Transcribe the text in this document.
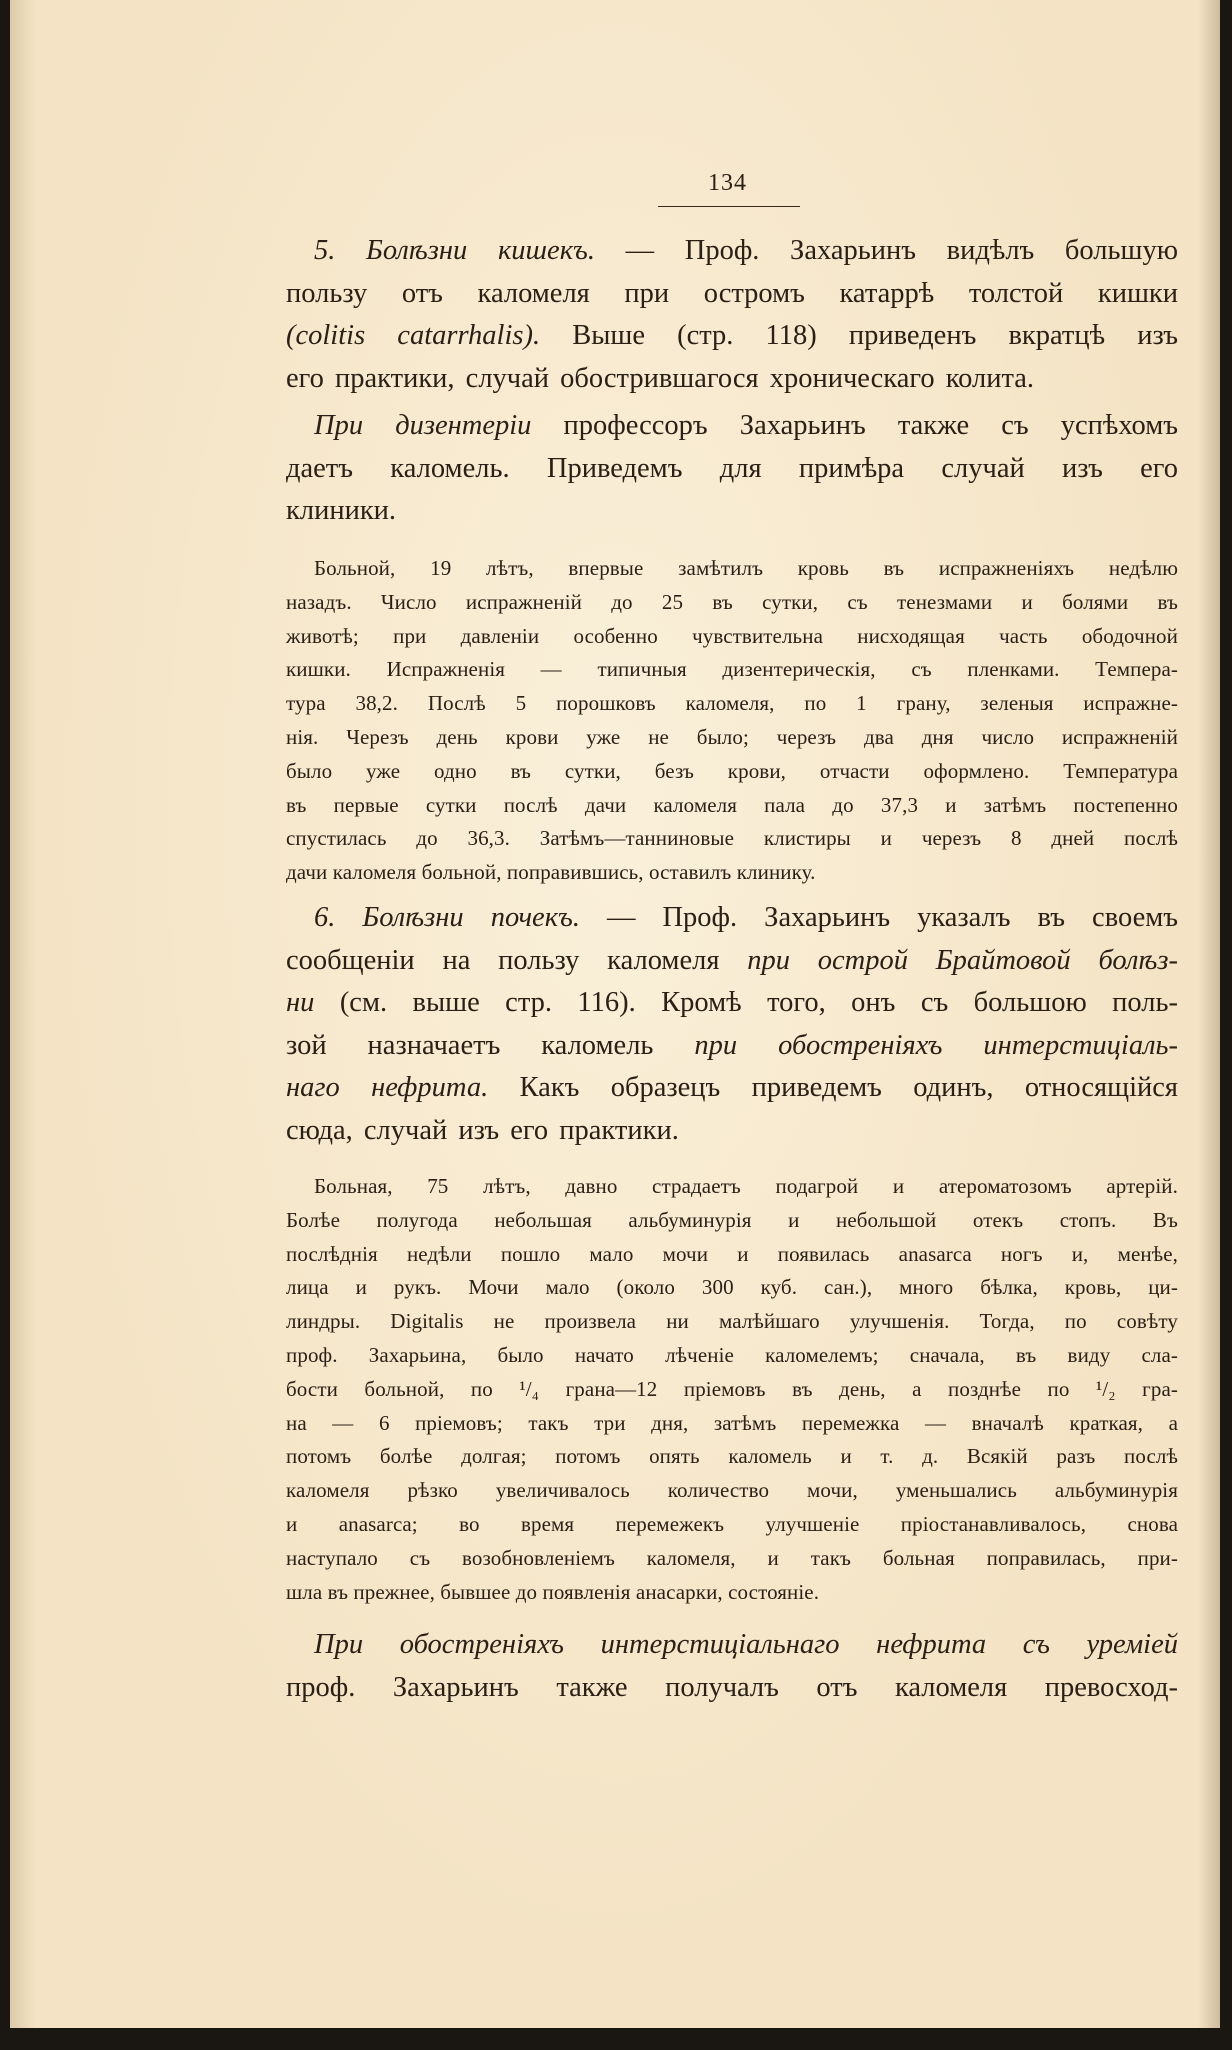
134

5. Болѣзни кишекъ. — Проф. Захарьинъ видѣлъ большую

пользу отъ каломеля при остромъ катаррѣ толстой кишки

(colitis catarrhalis). Выше (стр. 118) приведенъ вкратцѣ изъ

его практики, случай обострившагося хроническаго колита.

При дизентеріи профессоръ Захарьинъ также съ успѣхомъ

даетъ каломель. Приведемъ для примѣра случай изъ его

клиники.

Больной, 19 лѣтъ, впервые замѣтилъ кровь въ испражненіяхъ недѣлю

назадъ. Число испражненій до 25 въ сутки, съ тенезмами и болями въ

животѣ; при давленіи особенно чувствительна нисходящая часть ободочной

кишки. Испражненія — типичныя дизентерическія, съ пленками. Темпера-

тура 38,2. Послѣ 5 порошковъ каломеля, по 1 грану, зеленыя испражне-

нія. Черезъ день крови уже не было; черезъ два дня число испражненій

было уже одно въ сутки, безъ крови, отчасти оформлено. Температура

въ первые сутки послѣ дачи каломеля пала до 37,3 и затѣмъ постепенно

спустилась до 36,3. Затѣмъ—танниновые клистиры и черезъ 8 дней послѣ

дачи каломеля больной, поправившись, оставилъ клинику.

6. Болѣзни почекъ. — Проф. Захарьинъ указалъ въ своемъ

сообщеніи на пользу каломеля при острой Брайтовой болѣз-

ни (см. выше стр. 116). Кромѣ того, онъ съ большою поль-

зой назначаетъ каломель при обостреніяхъ интерстиціаль-

наго нефрита. Какъ образецъ приведемъ одинъ, относящійся

сюда, случай изъ его практики.

Больная, 75 лѣтъ, давно страдаетъ подагрой и атероматозомъ артерій.

Болѣе полугода небольшая альбуминурія и небольшой отекъ стопъ. Въ

послѣднія недѣли пошло мало мочи и появилась anasarca ногъ и, менѣе,

лица и рукъ. Мочи мало (около 300 куб. сан.), много бѣлка, кровь, ци-

линдры. Digitalis не произвела ни малѣйшаго улучшенія. Тогда, по совѣту

проф. Захарьина, было начато лѣченіе каломелемъ; сначала, въ виду сла-

бости больной, по ¹/₄ грана—12 пріемовъ въ день, а позднѣе по ¹/₂ гра-

на — 6 пріемовъ; такъ три дня, затѣмъ перемежка — вначалѣ краткая, а

потомъ болѣе долгая; потомъ опять каломель и т. д. Всякій разъ послѣ

каломеля рѣзко увеличивалось количество мочи, уменьшались альбуминурія

и anasarca; во время перемежекъ улучшеніе пріостанавливалось, снова

наступало съ возобновленіемъ каломеля, и такъ больная поправилась, при-

шла въ прежнее, бывшее до появленія анасарки, состояніе.

При обостреніяхъ интерстиціальнаго нефрита съ уремiей

проф. Захарьинъ также получалъ отъ каломеля превосход-
